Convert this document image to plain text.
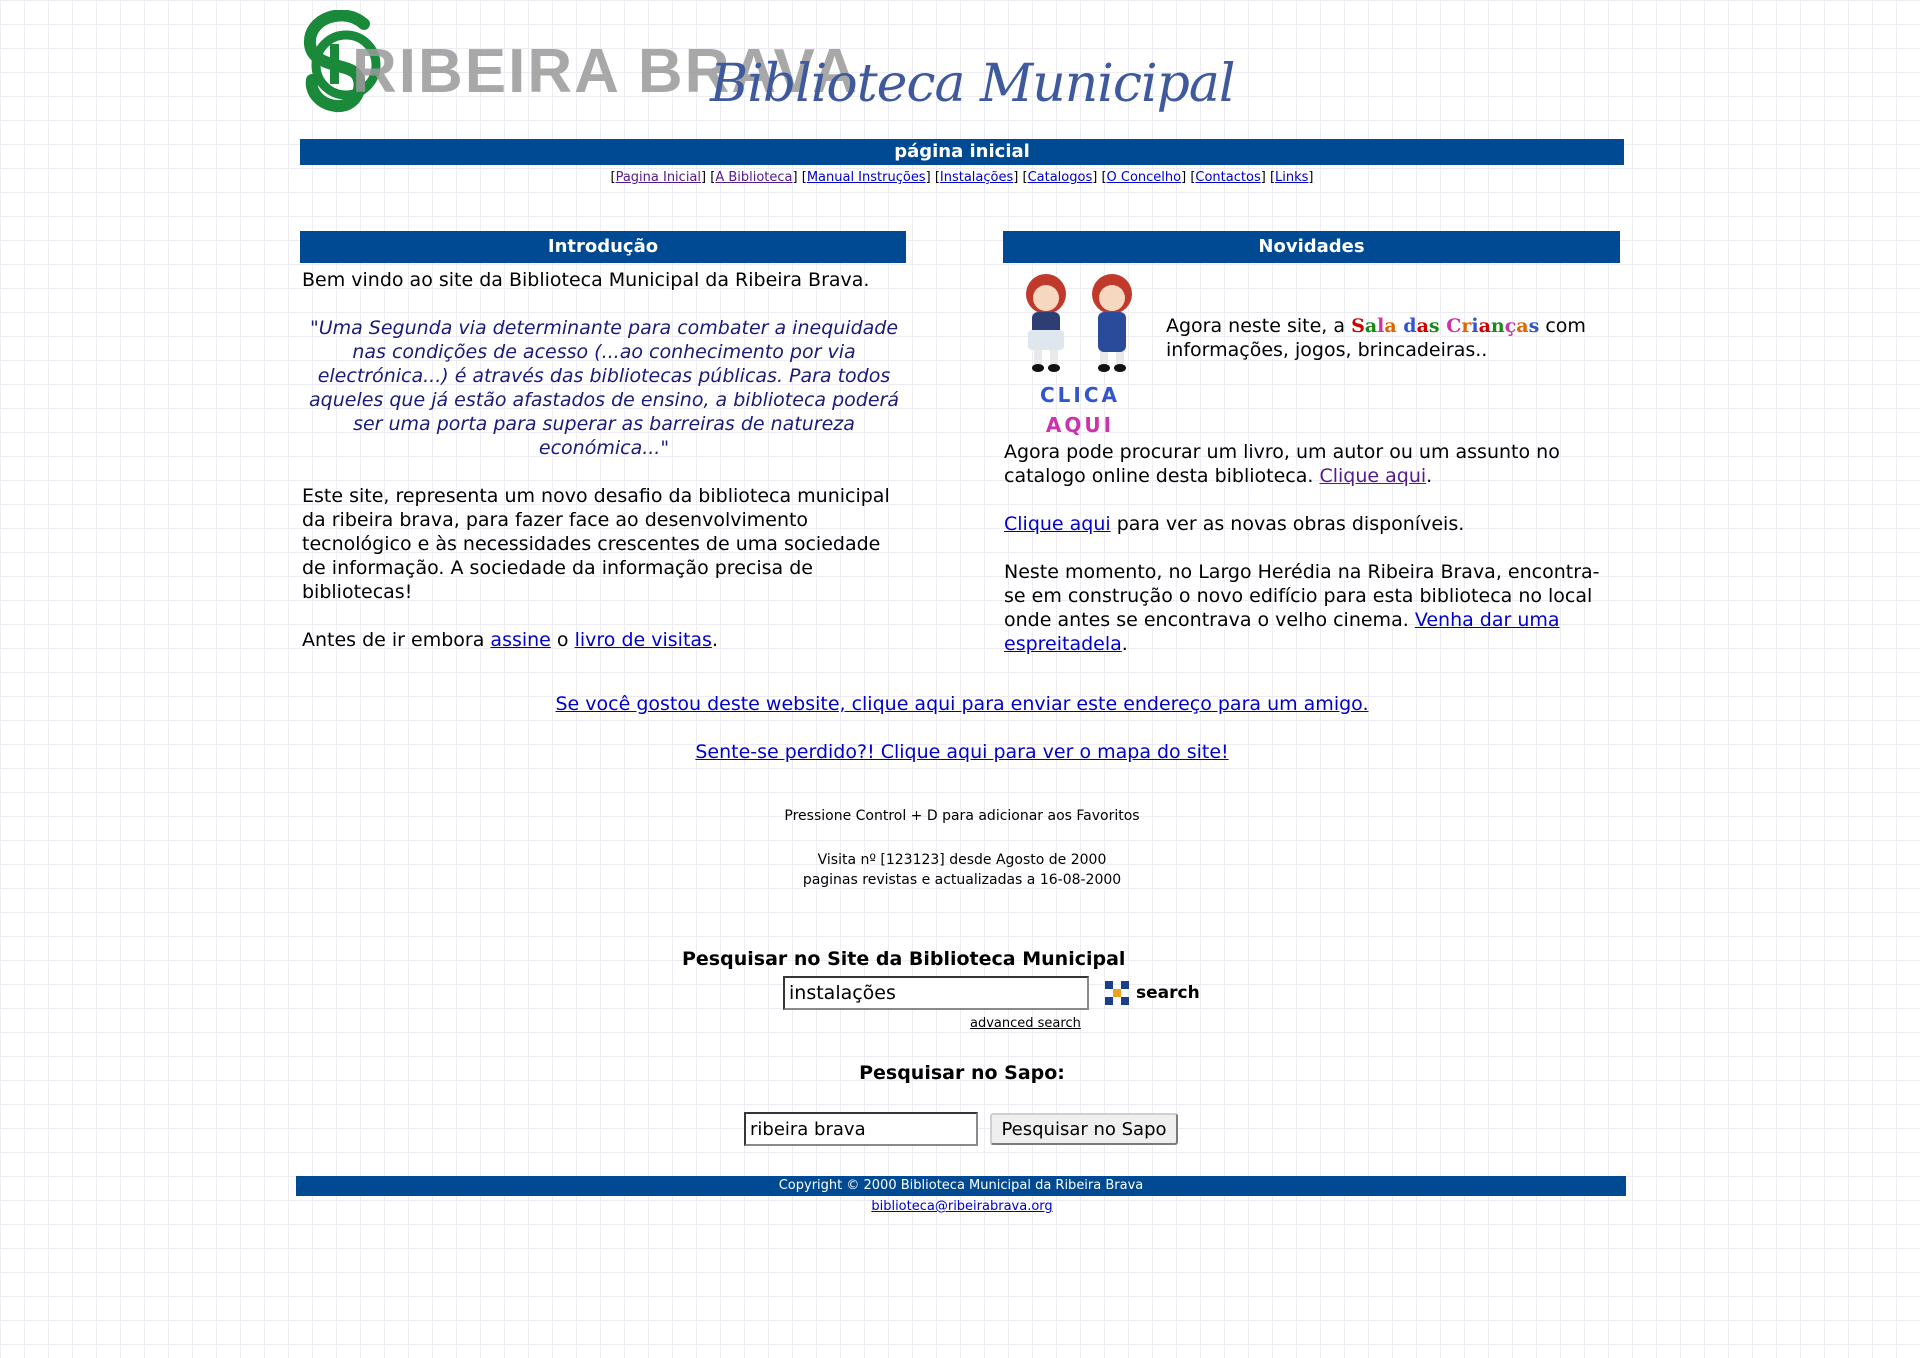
RIBEIRA BRAVA
Biblioteca Municipal
página inicial
[Pagina Inicial] [A Biblioteca] [Manual Instruções] [Instalações] [Catalogos] [O Concelho] [Contactos] [Links]
Introdução	Novidades

Bem vindo ao site da Biblioteca Municipal da Ribeira Brava.

"Uma Segunda via determinante para combater a inequidade nas condições de acesso (...ao conhecimento por via electrónica...) é através das bibliotecas públicas. Para todos aqueles que já estão afastados de ensino, a biblioteca poderá ser uma porta para superar as barreiras de natureza económica..."

Este site, representa um novo desafio da biblioteca municipal da ribeira brava, para fazer face ao desenvolvimento tecnológico e às necessidades crescentes de uma sociedade de informação. A sociedade da informação precisa de bibliotecas!

Antes de ir embora assine o livro de visitas.

CLICA
AQUI
Agora neste site, a Sala das Crianças com informações, jogos, brincadeiras..

Agora pode procurar um livro, um autor ou um assunto no catalogo online desta biblioteca. Clique aqui.

Clique aqui para ver as novas obras disponíveis.

Neste momento, no Largo Herédia na Ribeira Brava, encontra-se em construção o novo edifício para esta biblioteca no local onde antes se encontrava o velho cinema. Venha dar uma espreitadela.

Se você gostou deste website, clique aqui para enviar este endereço para um amigo.
Sente-se perdido?! Clique aqui para ver o mapa do site!
Pressione Control + D para adicionar aos Favoritos
Visita nº [123123] desde Agosto de 2000
paginas revistas e actualizadas a 16-08-2000
Pesquisar no Site da Biblioteca Municipal
instalações
search
advanced search
Pesquisar no Sapo:
ribeira brava
Pesquisar no Sapo
Copyright © 2000 Biblioteca Municipal da Ribeira Brava
biblioteca@ribeirabrava.org
